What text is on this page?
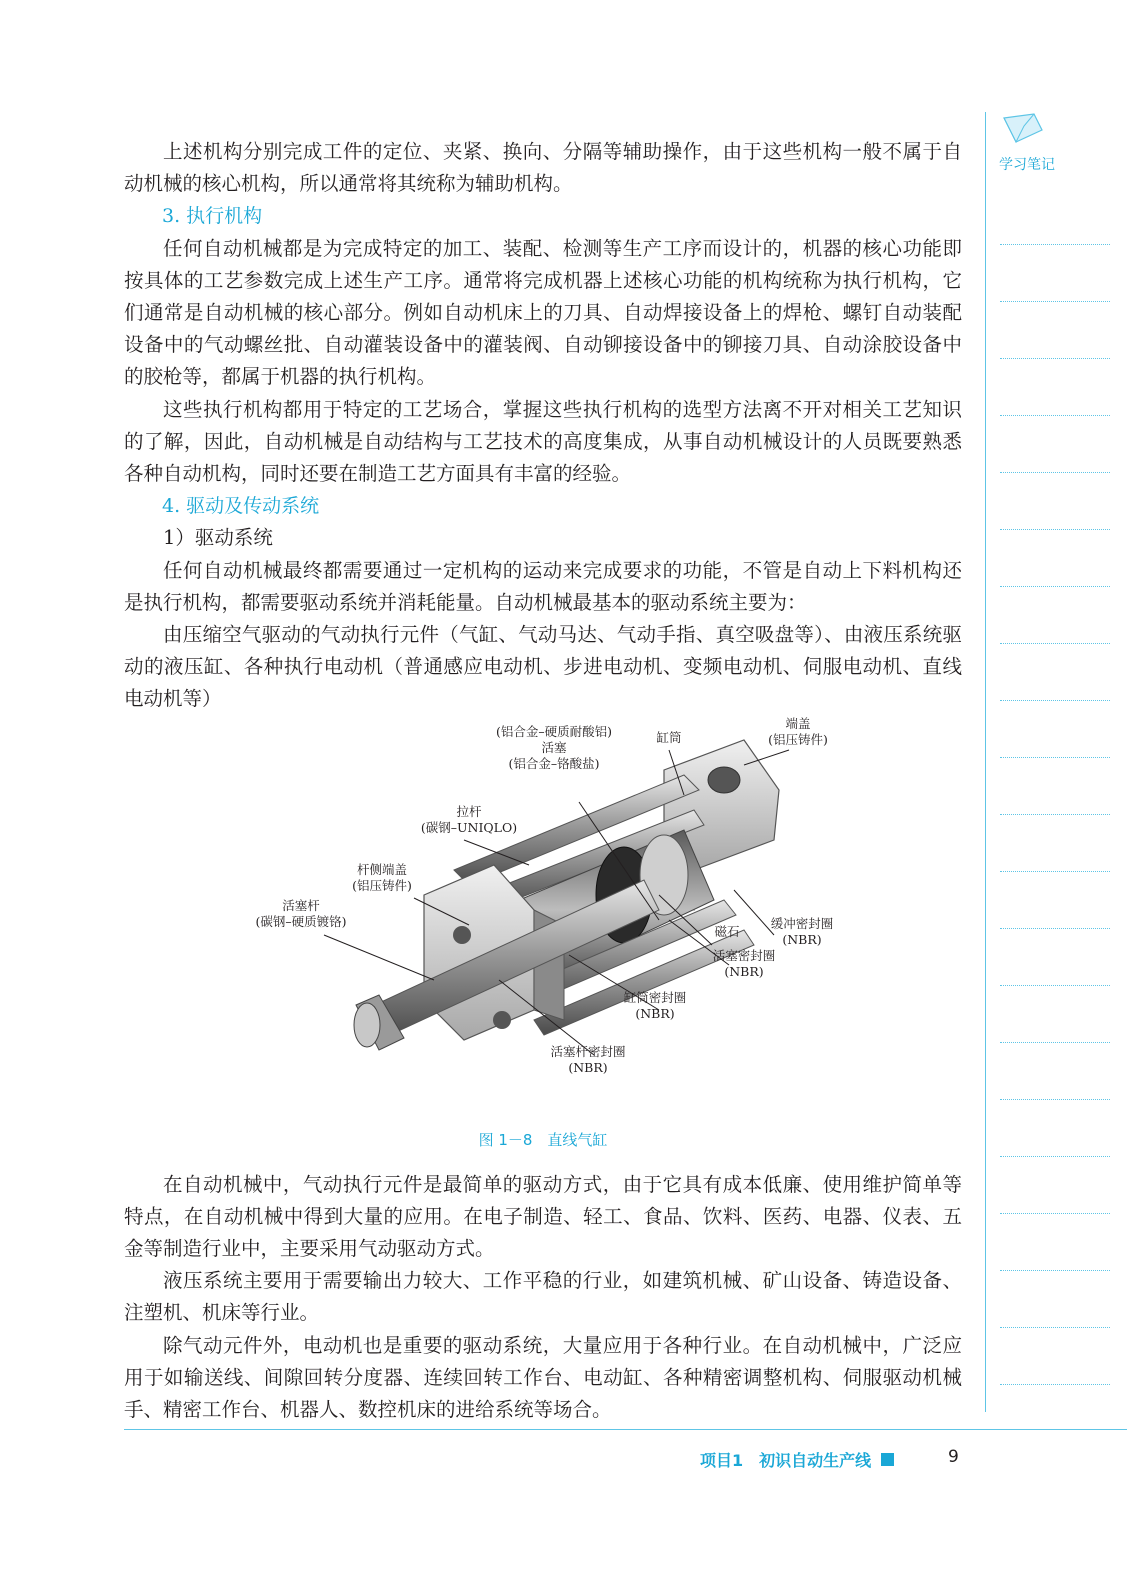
上述机构分别完成工件的定位、夹紧、换向、分隔等辅助操作，由于这些机构一般不属于自动机械的核心机构，所以通常将其统称为辅助机构。

3. 执行机构

任何自动机械都是为完成特定的加工、装配、检测等生产工序而设计的，机器的核心功能即按具体的工艺参数完成上述生产工序。通常将完成机器上述核心功能的机构统称为执行机构，它们通常是自动机械的核心部分。例如自动机床上的刀具、自动焊接设备上的焊枪、螺钉自动装配设备中的气动螺丝批、自动灌装设备中的灌装阀、自动铆接设备中的铆接刀具、自动涂胶设备中的胶枪等，都属于机器的执行机构。

这些执行机构都用于特定的工艺场合，掌握这些执行机构的选型方法离不开对相关工艺知识的了解，因此，自动机械是自动结构与工艺技术的高度集成，从事自动机械设计的人员既要熟悉各种自动机构，同时还要在制造工艺方面具有丰富的经验。

4. 驱动及传动系统

1）驱动系统

任何自动机械最终都需要通过一定机构的运动来完成要求的功能，不管是自动上下料机构还是执行机构，都需要驱动系统并消耗能量。自动机械最基本的驱动系统主要为：

由压缩空气驱动的气动执行元件（气缸、气动马达、气动手指、真空吸盘等）、由液压系统驱动的液压缸、各种执行电动机（普通感应电动机、步进电动机、变频电动机、伺服电动机、直线电动机等）

(铝合金–硬质耐酸铝)
活塞
(铝合金–铬酸盐)
缸筒
端盖
(铝压铸件)
拉杆
(碳钢–UNIQLO)
杆侧端盖
(铝压铸件)
活塞杆
(碳钢–硬质镀铬)
磁石
缓冲密封圈
(NBR)
活塞密封圈
(NBR)
缸筒密封圈
(NBR)
活塞杆密封圈
(NBR)
图 1－8　直线气缸

在自动机械中，气动执行元件是最简单的驱动方式，由于它具有成本低廉、使用维护简单等特点，在自动机械中得到大量的应用。在电子制造、轻工、食品、饮料、医药、电器、仪表、五金等制造行业中，主要采用气动驱动方式。

液压系统主要用于需要输出力较大、工作平稳的行业，如建筑机械、矿山设备、铸造设备、注塑机、机床等行业。

除气动元件外，电动机也是重要的驱动系统，大量应用于各种行业。在自动机械中，广泛应用于如输送线、间隙回转分度器、连续回转工作台、电动缸、各种精密调整机构、伺服驱动机械手、精密工作台、机器人、数控机床的进给系统等场合。

学习笔记
项目1　初识自动生产线	9
